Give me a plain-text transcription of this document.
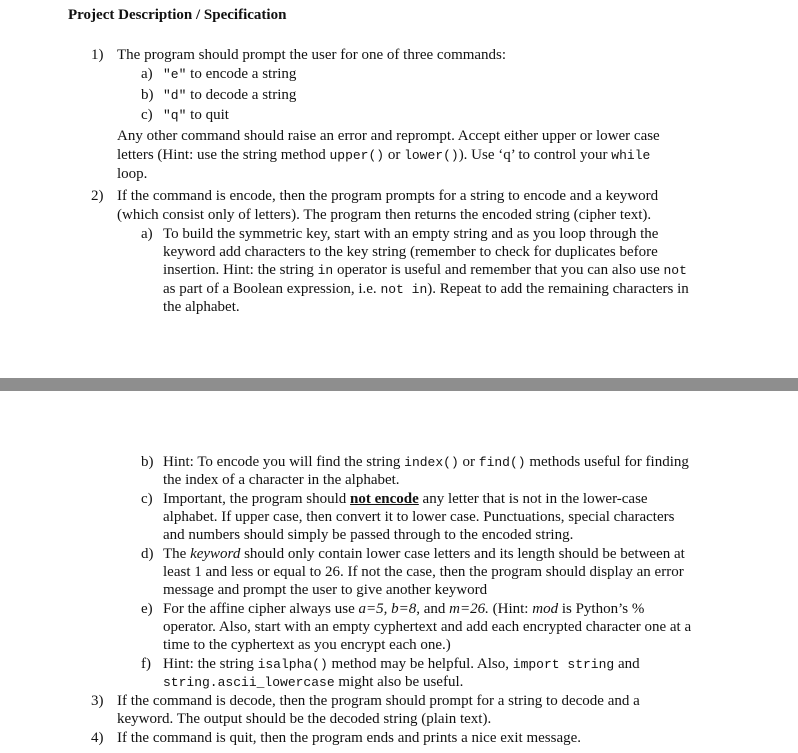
Project Description / Specification
1) The program should prompt the user for one of three commands:
a) "e" to encode a string
b) "d" to decode a string
c) "q" to quit
Any other command should raise an error and reprompt. Accept either upper or lower case
letters (Hint: use the string method upper() or lower()). Use ‘q’ to control your while
loop.
2) If the command is encode, then the program prompts for a string to encode and a keyword
(which consist only of letters). The program then returns the encoded string (cipher text).
a) To build the symmetric key, start with an empty string and as you loop through the
keyword add characters to the key string (remember to check for duplicates before
insertion. Hint: the string in operator is useful and remember that you can also use not
as part of a Boolean expression, i.e. not in). Repeat to add the remaining characters in
the alphabet.
b) Hint: To encode you will find the string index() or find() methods useful for finding
the index of a character in the alphabet.
c) Important, the program should not encode any letter that is not in the lower-case
alphabet. If upper case, then convert it to lower case. Punctuations, special characters
and numbers should simply be passed through to the encoded string.
d) The keyword should only contain lower case letters and its length should be between at
least 1 and less or equal to 26. If not the case, then the program should display an error
message and prompt the user to give another keyword
e) For the affine cipher always use a=5, b=8, and m=26. (Hint: mod is Python’s %
operator. Also, start with an empty cyphertext and add each encrypted character one at a
time to the cyphertext as you encrypt each one.)
f) Hint: the string isalpha() method may be helpful. Also, import string and
string.ascii_lowercase might also be useful.
3) If the command is decode, then the program should prompt for a string to decode and a
keyword. The output should be the decoded string (plain text).
4) If the command is quit, then the program ends and prints a nice exit message.
